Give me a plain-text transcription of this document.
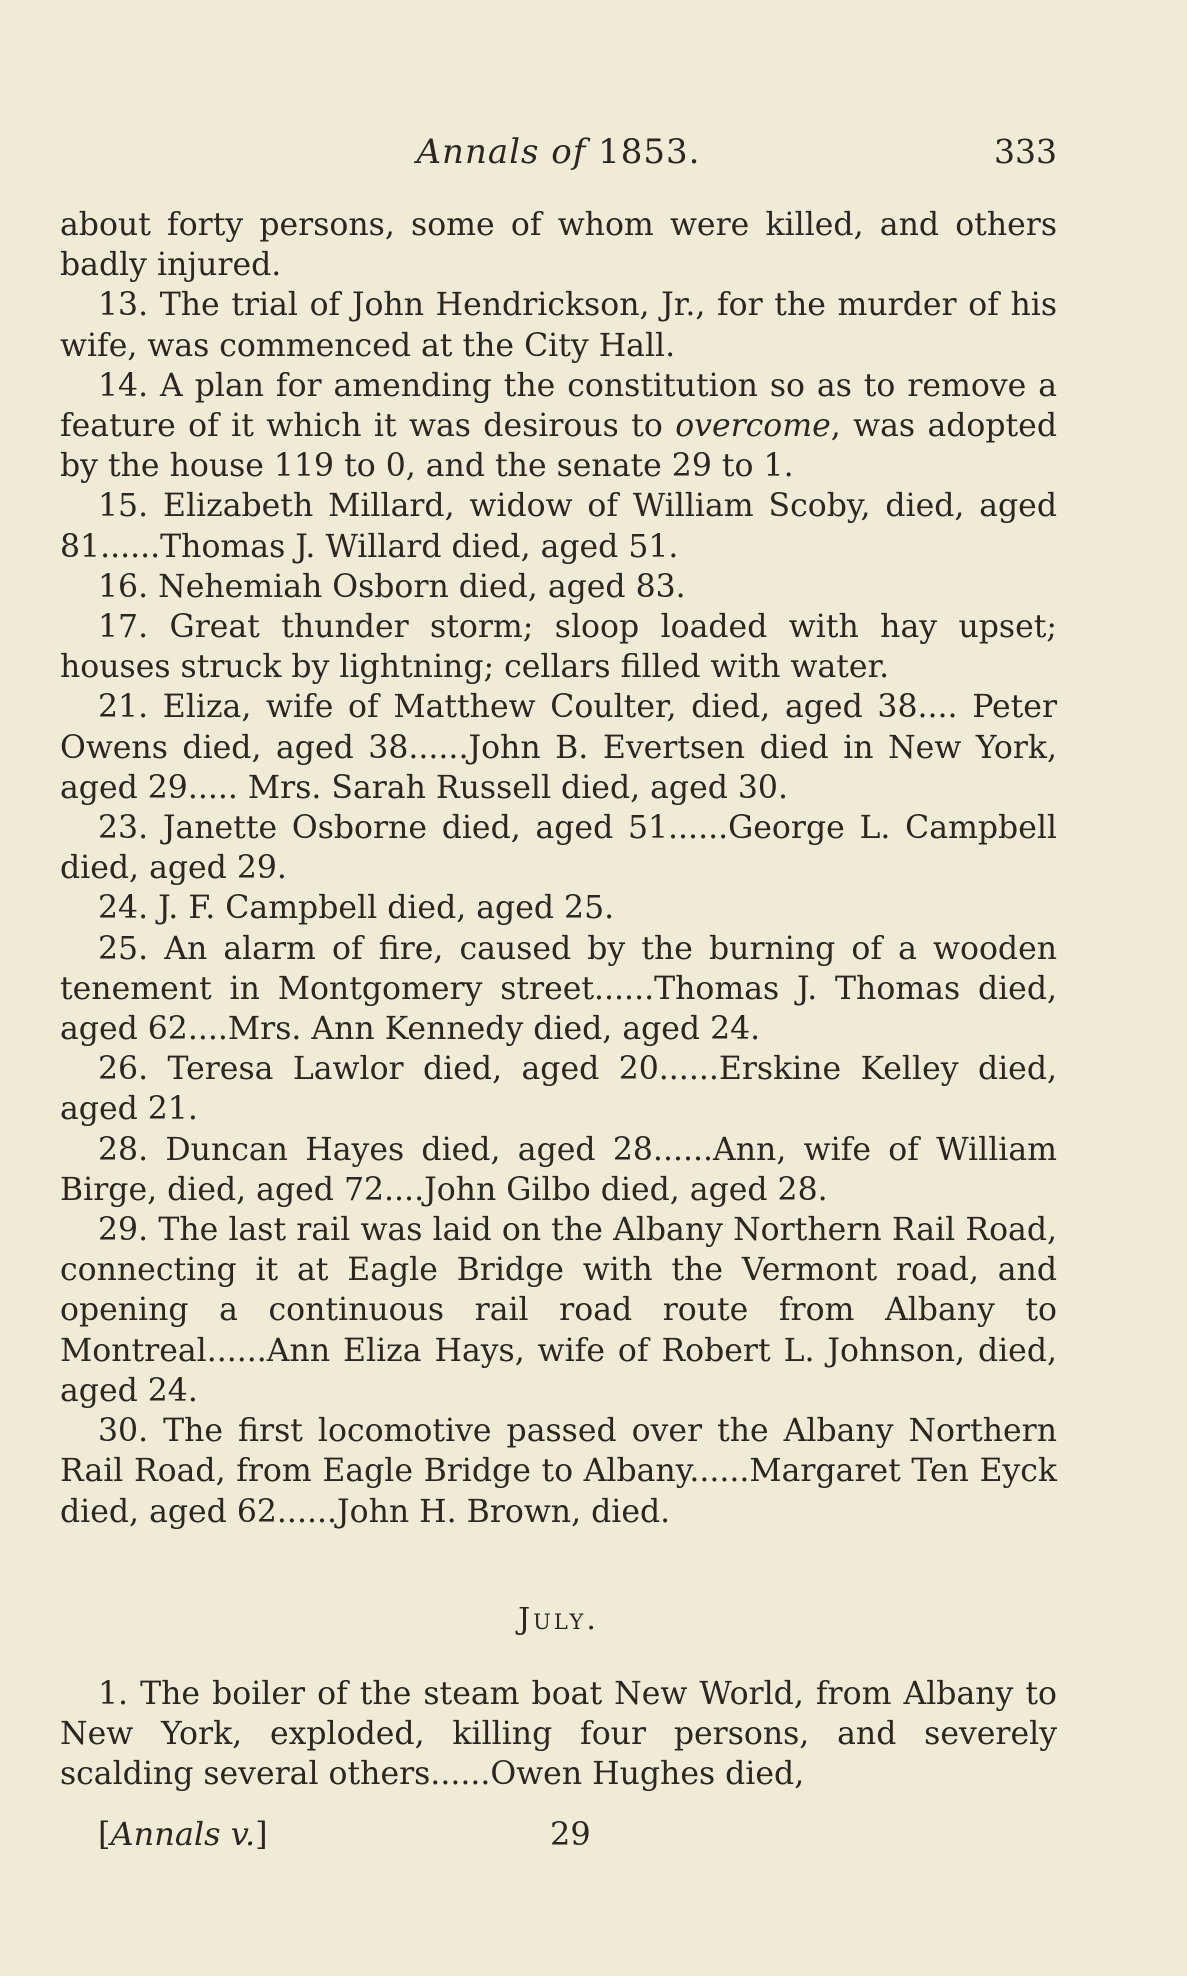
Annals of 1853.	333

about forty persons, some of whom were killed, and others badly injured.

13. The trial of John Hendrickson, Jr., for the murder of his wife, was commenced at the City Hall.

14. A plan for amending the constitution so as to remove a feature of it which it was desirous to overcome, was adopted by the house 119 to 0, and the senate 29 to 1.

15. Elizabeth Millard, widow of William Scoby, died, aged 81......Thomas J. Willard died, aged 51.

16. Nehemiah Osborn died, aged 83.

17. Great thunder storm; sloop loaded with hay upset; houses struck by lightning; cellars filled with water.

21. Eliza, wife of Matthew Coulter, died, aged 38.... Peter Owens died, aged 38......John B. Evertsen died in New York, aged 29..... Mrs. Sarah Russell died, aged 30.

23. Janette Osborne died, aged 51......George L. Campbell died, aged 29.

24. J. F. Campbell died, aged 25.

25. An alarm of fire, caused by the burning of a wooden tenement in Montgomery street......Thomas J. Thomas died, aged 62....Mrs. Ann Kennedy died, aged 24.

26. Teresa Lawlor died, aged 20......Erskine Kelley died, aged 21.

28. Duncan Hayes died, aged 28......Ann, wife of William Birge, died, aged 72....John Gilbo died, aged 28.

29. The last rail was laid on the Albany Northern Rail Road, connecting it at Eagle Bridge with the Vermont road, and opening a continuous rail road route from Albany to Montreal......Ann Eliza Hays, wife of Robert L. Johnson, died, aged 24.

30. The first locomotive passed over the Albany Northern Rail Road, from Eagle Bridge to Albany......Margaret Ten Eyck died, aged 62......John H. Brown, died.

July.

1. The boiler of the steam boat New World, from Albany to New York, exploded, killing four persons, and severely scalding several others......Owen Hughes died,

[Annals v.]	29
